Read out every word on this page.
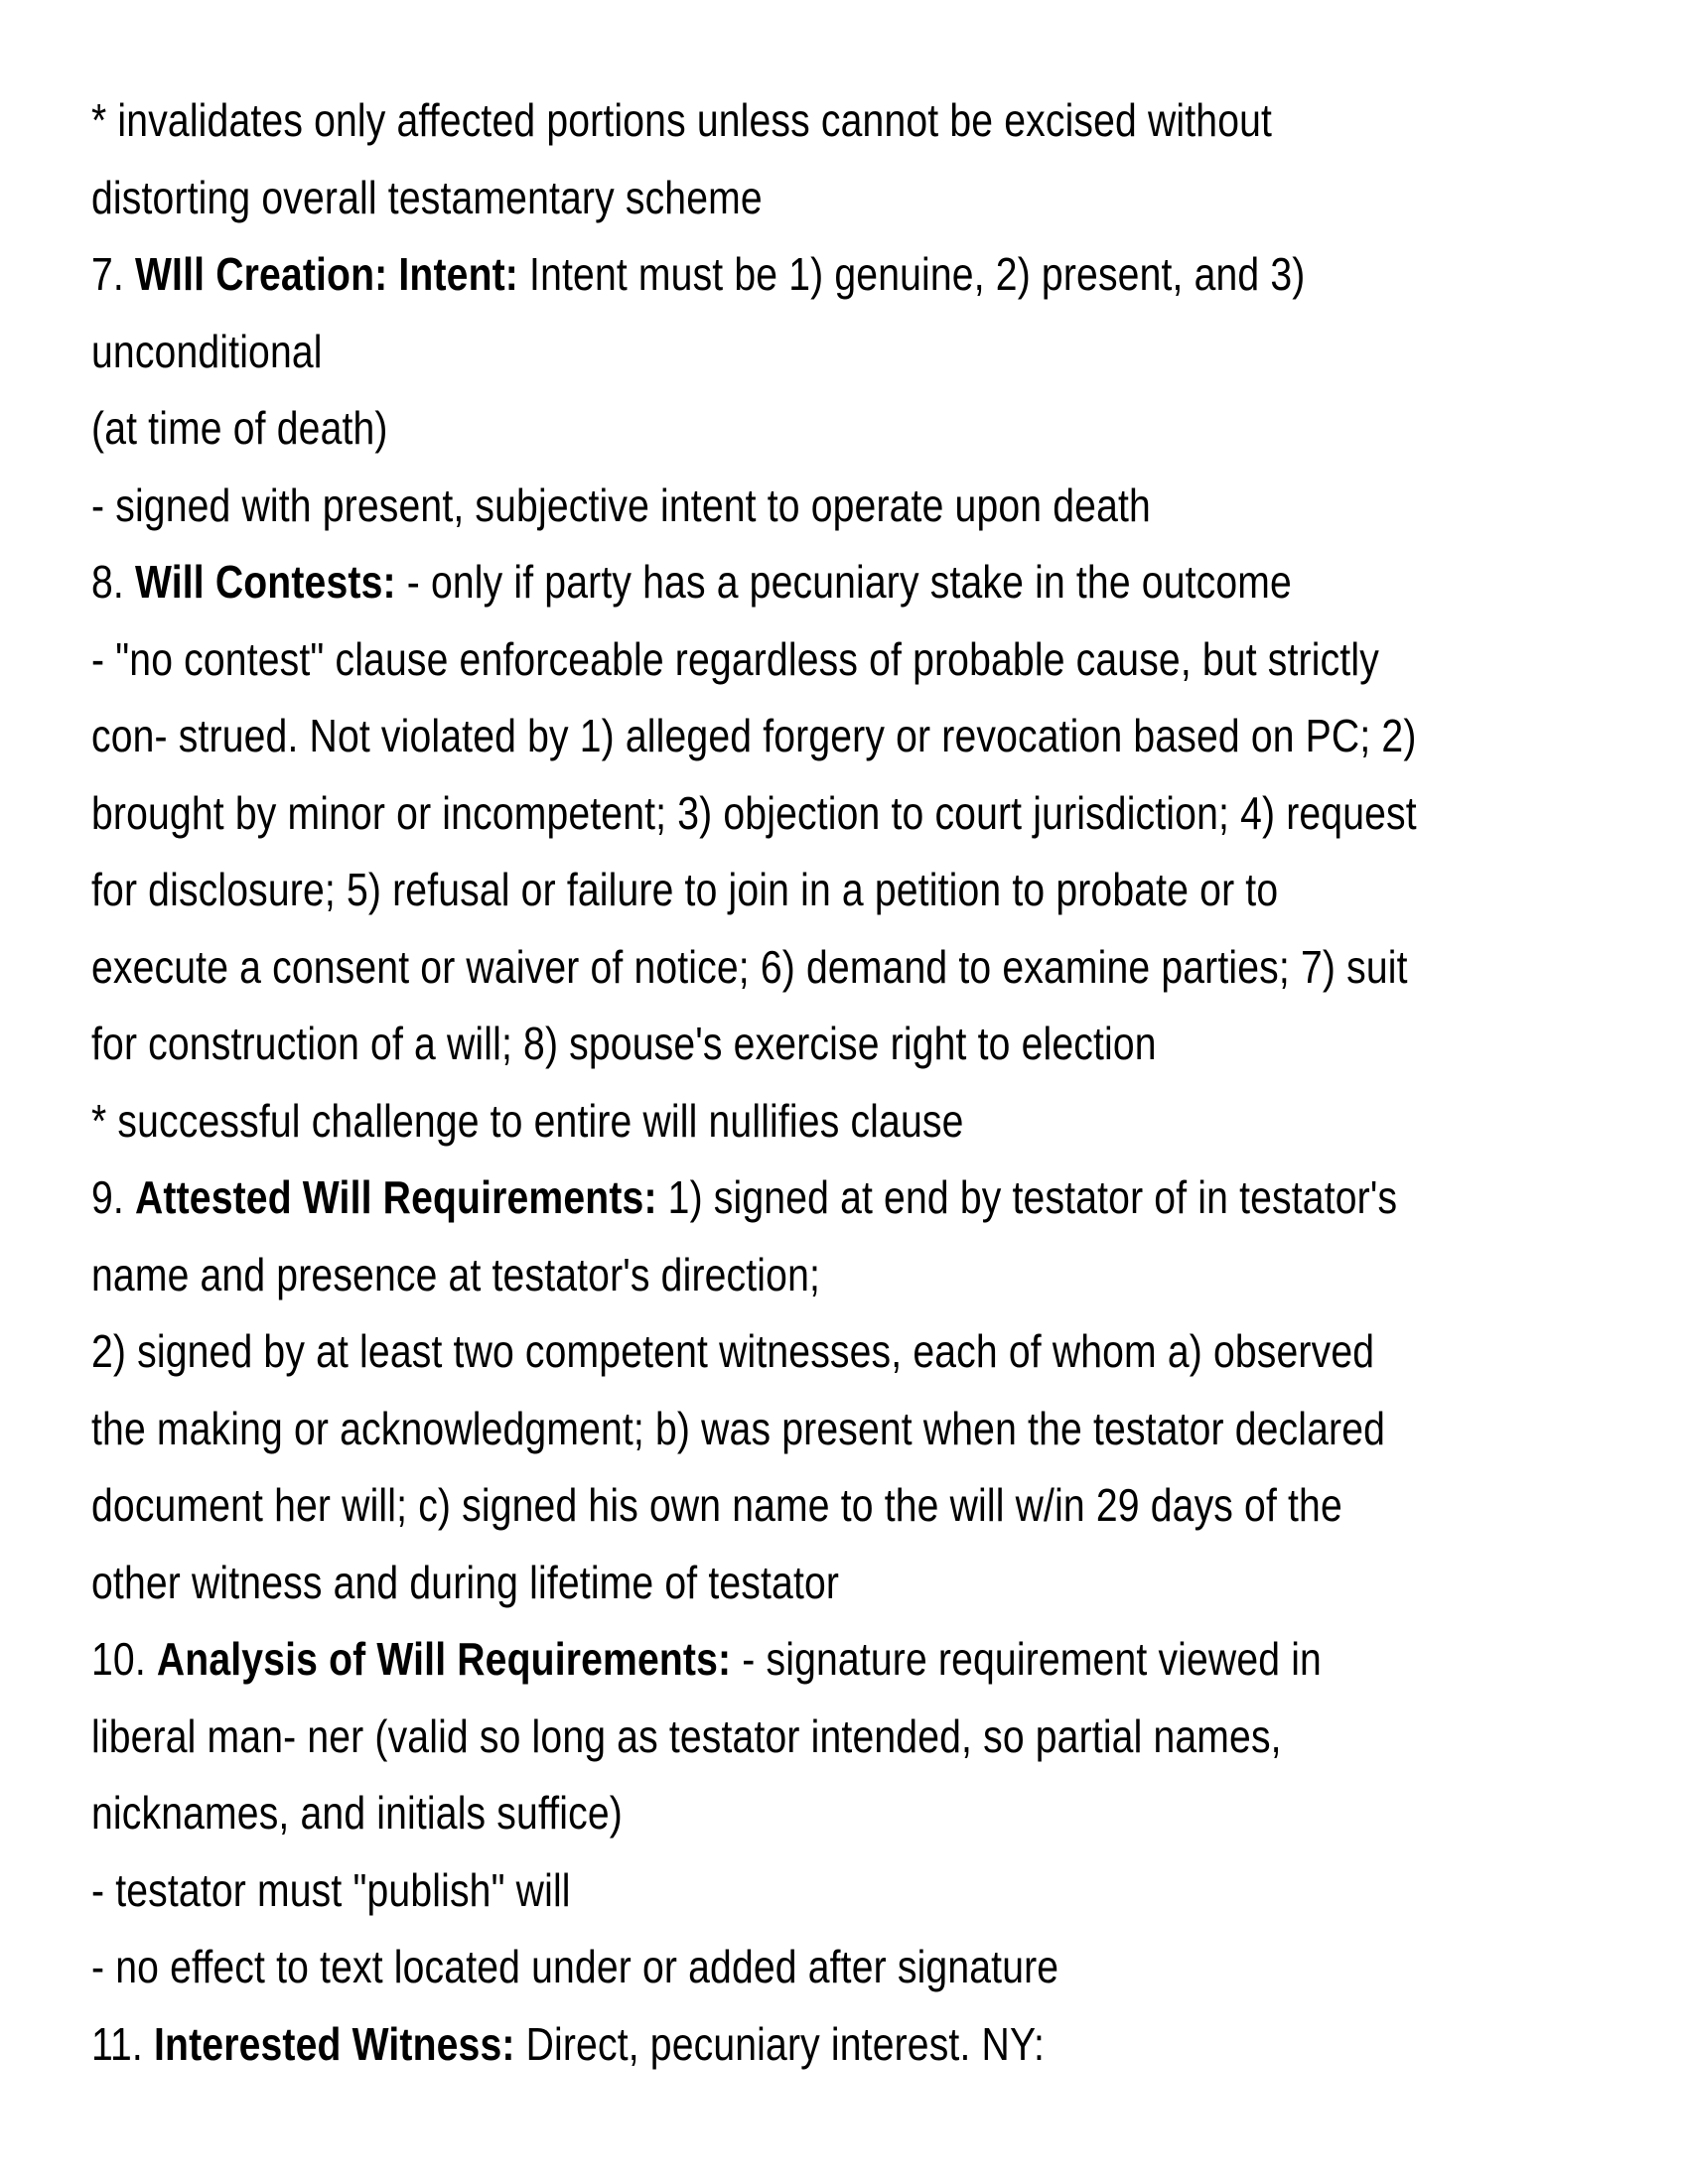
* invalidates only affected portions unless cannot be excised without
distorting overall testamentary scheme
7. WIll Creation: Intent: Intent must be 1) genuine, 2) present, and 3)
unconditional
(at time of death)
- signed with present, subjective intent to operate upon death
8. Will Contests: - only if party has a pecuniary stake in the outcome
- "no contest" clause enforceable regardless of probable cause, but strictly
con- strued. Not violated by 1) alleged forgery or revocation based on PC; 2)
brought by minor or incompetent; 3) objection to court jurisdiction; 4) request
for disclosure; 5) refusal or failure to join in a petition to probate or to
execute a consent or waiver of notice; 6) demand to examine parties; 7) suit
for construction of a will; 8) spouse's exercise right to election
* successful challenge to entire will nullifies clause
9. Attested Will Requirements: 1) signed at end by testator of in testator's
name and presence at testator's direction;
2) signed by at least two competent witnesses, each of whom a) observed
the making or acknowledgment; b) was present when the testator declared
document her will; c) signed his own name to the will w/in 29 days of the
other witness and during lifetime of testator
10. Analysis of Will Requirements: - signature requirement viewed in
liberal man- ner (valid so long as testator intended, so partial names,
nicknames, and initials suffice)
- testator must "publish" will
- no effect to text located under or added after signature
11. Interested Witness: Direct, pecuniary interest. NY:
